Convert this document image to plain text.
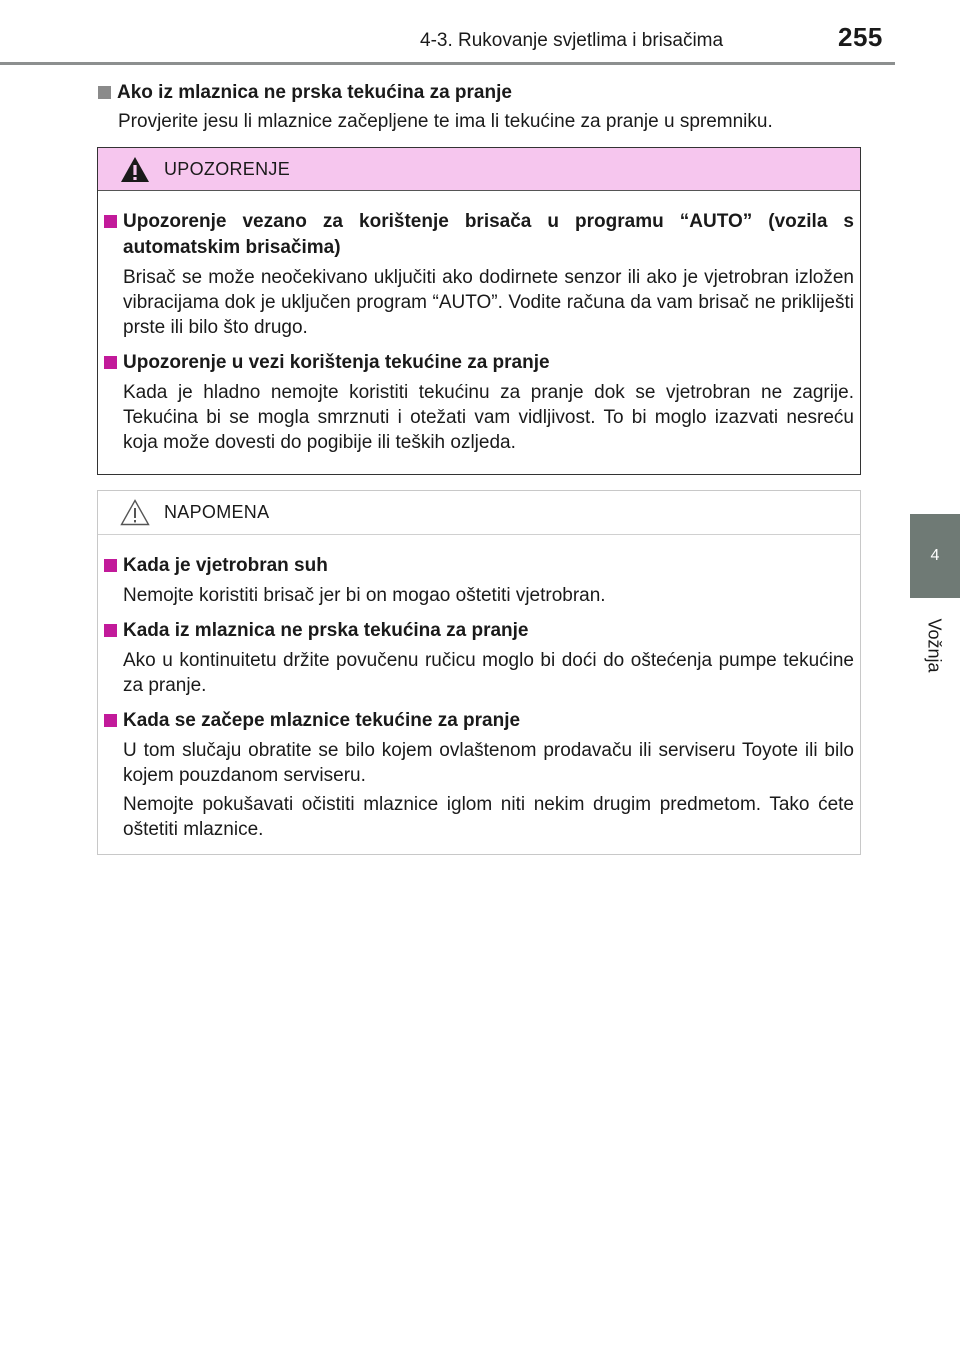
4-3. Rukovanje svjetlima i brisačima	255
4
Vožnja
Ako iz mlaznica ne prska tekućina za pranje
Provjerite jesu li mlaznice začepljene te ima li tekućine za pranje u spremniku.
UPOZORENJE
Upozorenje vezano za korištenje brisača u programu “AUTO” (vozila s automatskim brisačima)
Brisač se može neočekivano uključiti ako dodirnete senzor ili ako je vjetrobran izložen vibracijama dok je uključen program “AUTO”. Vodite računa da vam brisač ne prikliješti prste ili bilo što drugo.
Upozorenje u vezi korištenja tekućine za pranje
Kada je hladno nemojte koristiti tekućinu za pranje dok se vjetrobran ne zagrije. Tekućina bi se mogla smrznuti i otežati vam vidljivost. To bi moglo izazvati nesreću koja može dovesti do pogibije ili teških ozljeda.
NAPOMENA
Kada je vjetrobran suh
Nemojte koristiti brisač jer bi on mogao oštetiti vjetrobran.
Kada iz mlaznica ne prska tekućina za pranje
Ako u kontinuitetu držite povučenu ručicu moglo bi doći do oštećenja pumpe tekućine za pranje.
Kada se začepe mlaznice tekućine za pranje
U tom slučaju obratite se bilo kojem ovlaštenom prodavaču ili serviseru Toyote ili bilo kojem pouzdanom serviseru.
Nemojte pokušavati očistiti mlaznice iglom niti nekim drugim predmetom. Tako ćete oštetiti mlaznice.
